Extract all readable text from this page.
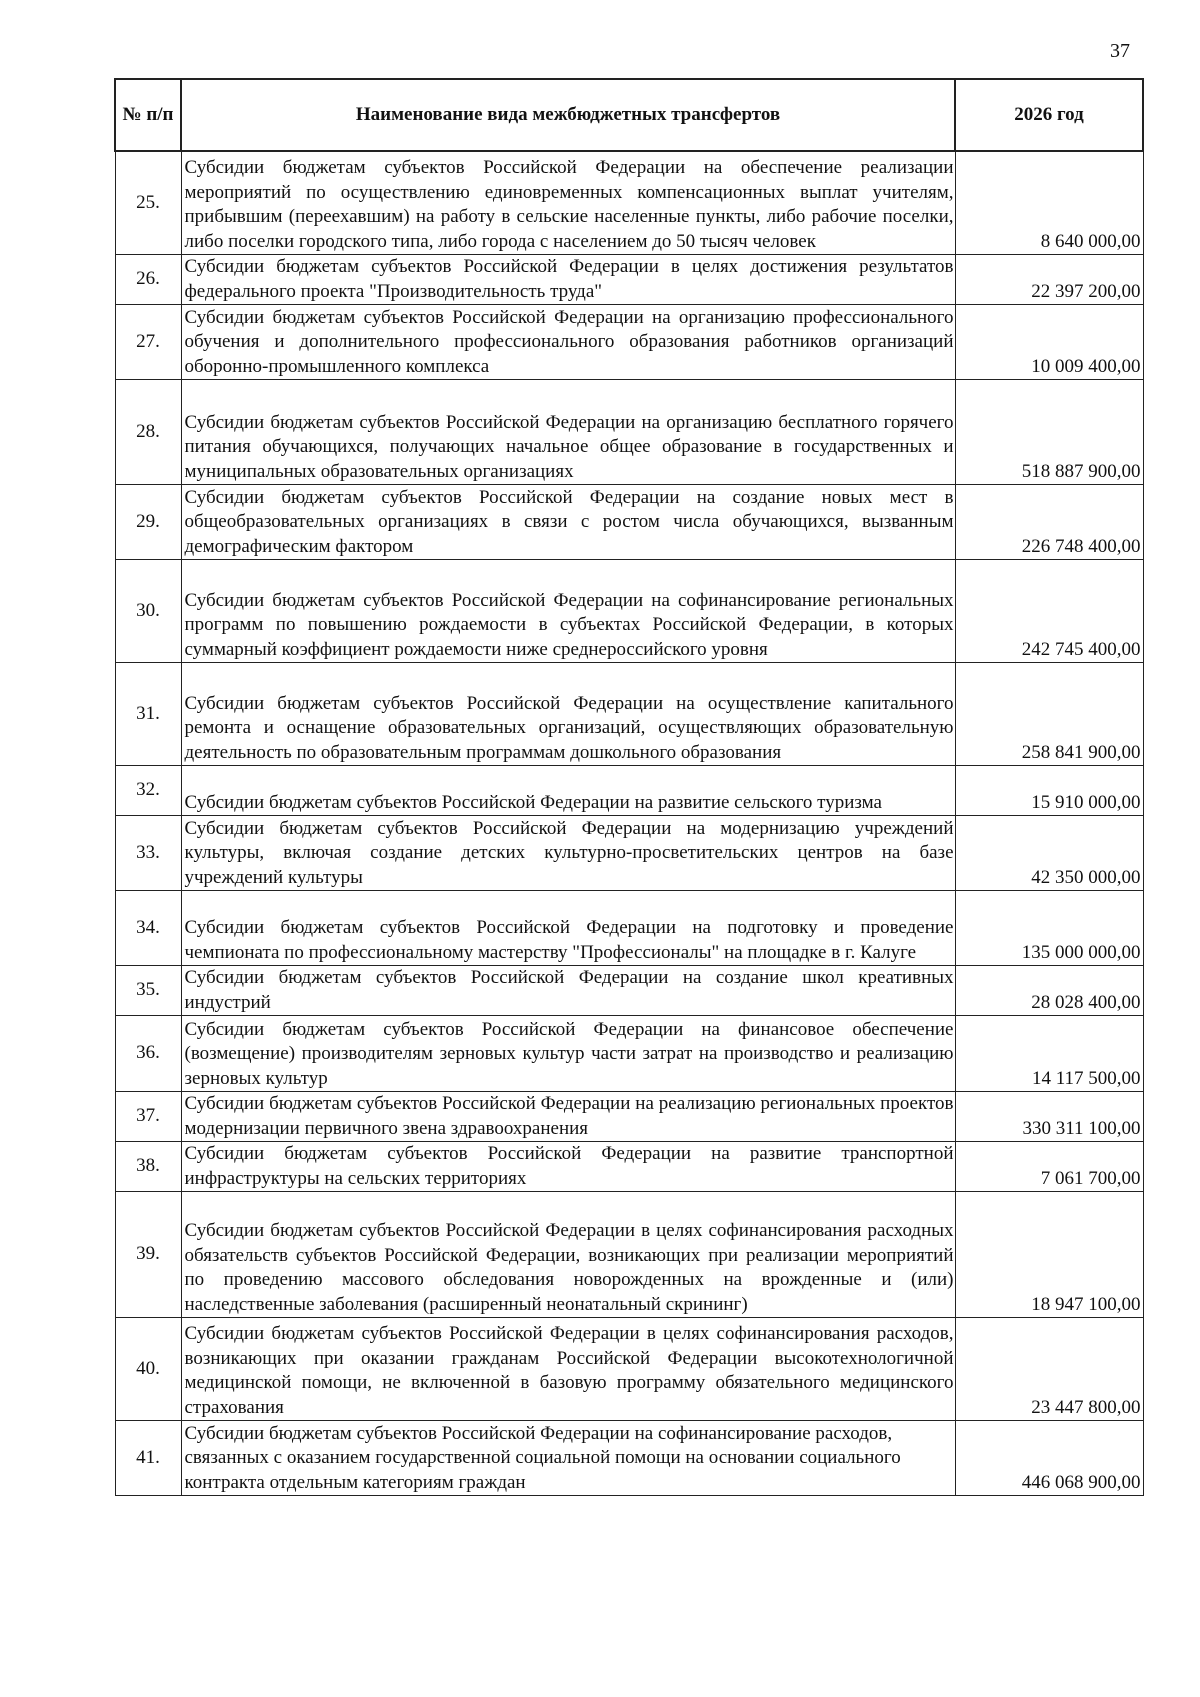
37
№ п/п	Наименование вида межбюджетных трансфертов	2026 год
25.	Субсидии бюджетам субъектов Российской Федерации на обеспечение реализации мероприятий по осуществлению единовременных компенсационных выплат учителям, прибывшим (переехавшим) на работу в сельские населенные пункты, либо рабочие поселки, либо поселки городского типа, либо города с населением до 50 тысяч человек	8 640 000,00
26.	Субсидии бюджетам субъектов Российской Федерации в целях достижения результатов федерального проекта "Производительность труда"	22 397 200,00
27.	Субсидии бюджетам субъектов Российской Федерации на организацию профессионального обучения и дополнительного профессионального образования работников организаций оборонно-промышленного комплекса	10 009 400,00
28.	Субсидии бюджетам субъектов Российской Федерации на организацию бесплатного горячего питания обучающихся, получающих начальное общее образование в государственных и муниципальных образовательных организациях	518 887 900,00
29.	Субсидии бюджетам субъектов Российской Федерации на создание новых мест в общеобразовательных организациях в связи с ростом числа обучающихся, вызванным демографическим фактором	226 748 400,00
30.	Субсидии бюджетам субъектов Российской Федерации на софинансирование региональных программ по повышению рождаемости в субъектах Российской Федерации, в которых суммарный коэффициент рождаемости ниже среднероссийского уровня	242 745 400,00
31.	Субсидии бюджетам субъектов Российской Федерации на осуществление капитального ремонта и оснащение образовательных организаций, осуществляющих образовательную деятельность по образовательным программам дошкольного образования	258 841 900,00
32.	Субсидии бюджетам субъектов Российской Федерации на развитие сельского туризма	15 910 000,00
33.	Субсидии бюджетам субъектов Российской Федерации на модернизацию учреждений культуры, включая создание детских культурно-просветительских центров на базе учреждений культуры	42 350 000,00
34.	Субсидии бюджетам субъектов Российской Федерации на подготовку и проведение чемпионата по профессиональному мастерству "Профессионалы" на площадке в г. Калуге	135 000 000,00
35.	Субсидии бюджетам субъектов Российской Федерации на создание школ креативных индустрий	28 028 400,00
36.	Субсидии бюджетам субъектов Российской Федерации на финансовое обеспечение (возмещение) производителям зерновых культур части затрат на производство и реализацию зерновых культур	14 117 500,00
37.	Субсидии бюджетам субъектов Российской Федерации на реализацию региональных проектов модернизации первичного звена здравоохранения	330 311 100,00
38.	Субсидии бюджетам субъектов Российской Федерации на развитие транспортной инфраструктуры на сельских территориях	7 061 700,00
39.	Субсидии бюджетам субъектов Российской Федерации в целях софинансирования расходных обязательств субъектов Российской Федерации, возникающих при реализации мероприятий по проведению массового обследования новорожденных на врожденные и (или) наследственные заболевания (расширенный неонатальный скрининг)	18 947 100,00
40.	Субсидии бюджетам субъектов Российской Федерации в целях софинансирования расходов, возникающих при оказании гражданам Российской Федерации высокотехнологичной медицинской помощи, не включенной в базовую программу обязательного медицинского страхования	23 447 800,00
41.	Субсидии бюджетам субъектов Российской Федерации на софинансирование расходов, связанных с оказанием государственной социальной помощи на основании социального контракта отдельным категориям граждан	446 068 900,00
